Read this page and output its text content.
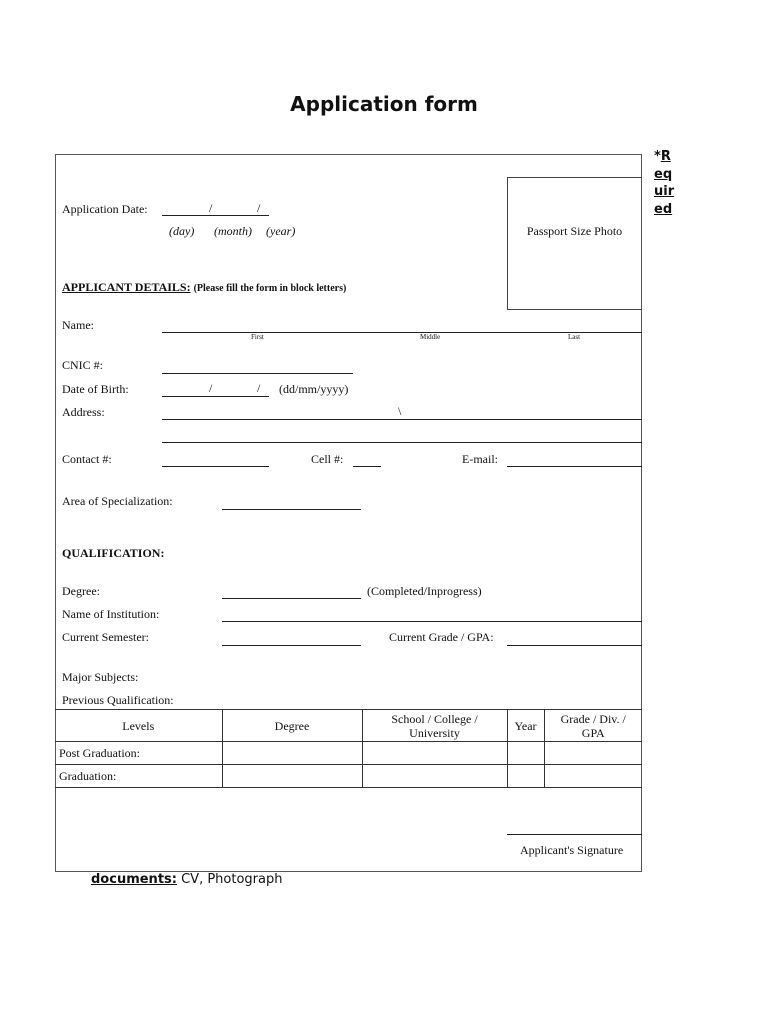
Application form
*Required
Passport Size Photo
Application Date:	/	/
(day) (month) (year)
APPLICANT DETAILS: (Please fill the form in block letters)
Name:
First	Middle	Last
CNIC #:
Date of Birth:	/	/ (dd/mm/yyyy)
Address:	\
Contact #:	Cell #:	E-mail:
Area of Specialization:
QUALIFICATION:
Degree:	(Completed/Inprogress)
Name of Institution:
Current Semester:	Current Grade / GPA:
Major Subjects:
Previous Qualification:
Levels	Degree	School / College / University	Year	Grade / Div. / GPA
Post Graduation:				
Graduation:				
Applicant's Signature
documents: CV, Photograph
